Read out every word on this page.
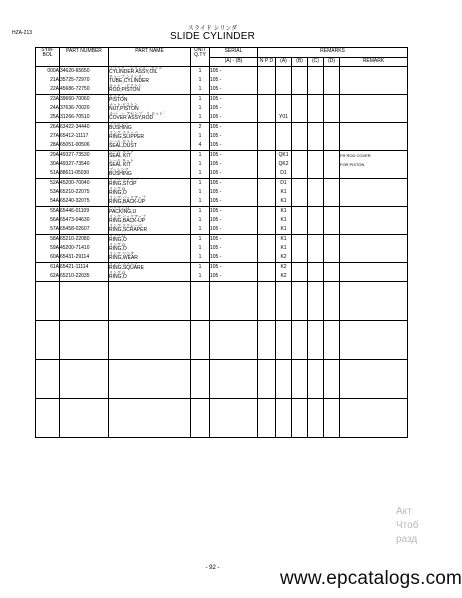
HZA-213
スライド シリンダ
SLIDE CYLINDER
SYM-
BOL	PART NUMBER	PART NAME	UNIT
Q.TY	SERIAL	REMARKS					
				(A) - (B)	N P D	(A)	(B)	(C)	(D)	REMARK
000A	34620-65650	スライト゛ シリンタ゛,オイル
CYLINDER ASSY,OIL	1	105 -						
21A	35725-72970	チューブ,シリンタ゛
TUBE,CYLINDER	1	105 -						
22A	45686-72750	ロット゛;ピストン
ROD;PISTON	1	105 -						
23A	39660-70060	ピストン
PISTON	1	105 -						
24A	37636-70020	ナット;ピストン
NUT,PISTON	1	105 -						
25A	31266-70510	カハ゛ー アセンフ゛リ,ロット゛
COVER ASSY,ROD	1	105 -		Y01				
26A	63422-34440	ブッシング
BUSHING	2	105 -						
27A	65412-11117	リング,スリッパ
RING,SLIPPER	1	105 -						
28A	65051-00506	シール,ダスト
SEAL,DUST	4	105 -						
29A	49327-73530	シール キット
SEAL KIT	1	105 -		QK1				FR ROD COVER
30A	49327-73540	シール キット
SEAL KIT	1	105 -		QK2				FOR PISTON
51A	88611-05030	ブッシング
BUSHING	1	105 -		D1				
52A	45200-70040	リング,ストップ
RING,STOP	1	105 -		D1				
53A	65210-22075	リング,O
RING,O	1	105 -		K1				
54A	65240-32075	リング,バックアップ
RING,BACK-UP	1	105 -		K1				
55A	65446-01109	パッキン,U
PACKING,U	1	105 -		K1				
56A	65473-04630	リング,バックアップ
RING,BACK-UP	1	105 -		K1				
57A	65458-02607	リング,スクレーパ
RING,SCRAPER	1	105 -		K1				
58A	65210-22080	リング,O
RING,O	1	105 -		K1				
59A	45200-71410	リング,O
RING,O	1	105 -		K1				
60A	65431-29114	リング,ウエア
RING,WEAR	1	105 -		K2				
61A	65421-11114	リング,スクエア
RING,SQUARE	1	105 -		K2				
62A	65210-22035	リング,O
RING,O	1	105 -		K2				

- 92 -
Акт
Чтоб
разд
www.epcatalogs.com
